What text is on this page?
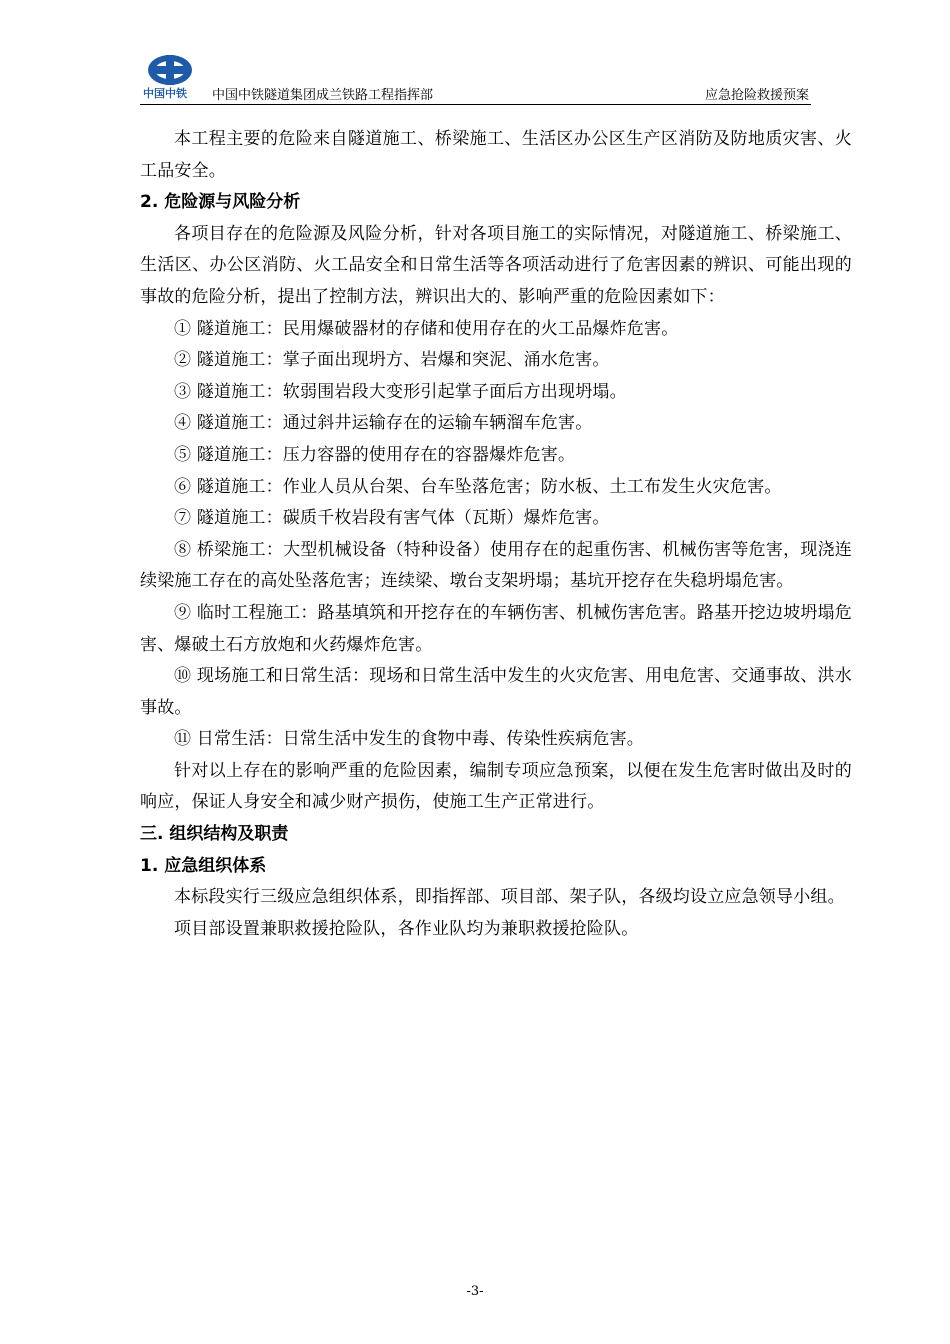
中国中铁 中国中铁隧道集团成兰铁路工程指挥部	应急抢险救援预案

本工程主要的危险来自隧道施工、桥梁施工、生活区办公区生产区消防及防地质灾害、火工品安全。

2. 危险源与风险分析

各项目存在的危险源及风险分析，针对各项目施工的实际情况，对隧道施工、桥梁施工、生活区、办公区消防、火工品安全和日常生活等各项活动进行了危害因素的辨识、可能出现的事故的危险分析，提出了控制方法，辨识出大的、影响严重的危险因素如下：

① 隧道施工：民用爆破器材的存储和使用存在的火工品爆炸危害。

② 隧道施工：掌子面出现坍方、岩爆和突泥、涌水危害。

③ 隧道施工：软弱围岩段大变形引起掌子面后方出现坍塌。

④ 隧道施工：通过斜井运输存在的运输车辆溜车危害。

⑤ 隧道施工：压力容器的使用存在的容器爆炸危害。

⑥ 隧道施工：作业人员从台架、台车坠落危害；防水板、土工布发生火灾危害。

⑦ 隧道施工：碳质千枚岩段有害气体（瓦斯）爆炸危害。

⑧ 桥梁施工：大型机械设备（特种设备）使用存在的起重伤害、机械伤害等危害，现浇连续梁施工存在的高处坠落危害；连续梁、墩台支架坍塌；基坑开挖存在失稳坍塌危害。

⑨ 临时工程施工：路基填筑和开挖存在的车辆伤害、机械伤害危害。路基开挖边坡坍塌危害、爆破土石方放炮和火药爆炸危害。

⑩ 现场施工和日常生活：现场和日常生活中发生的火灾危害、用电危害、交通事故、洪水事故。

⑪ 日常生活：日常生活中发生的食物中毒、传染性疾病危害。

针对以上存在的影响严重的危险因素，编制专项应急预案，以便在发生危害时做出及时的响应，保证人身安全和减少财产损伤，使施工生产正常进行。

三. 组织结构及职责

1. 应急组织体系

本标段实行三级应急组织体系，即指挥部、项目部、架子队，各级均设立应急领导小组。

项目部设置兼职救援抢险队，各作业队均为兼职救援抢险队。

-3-
